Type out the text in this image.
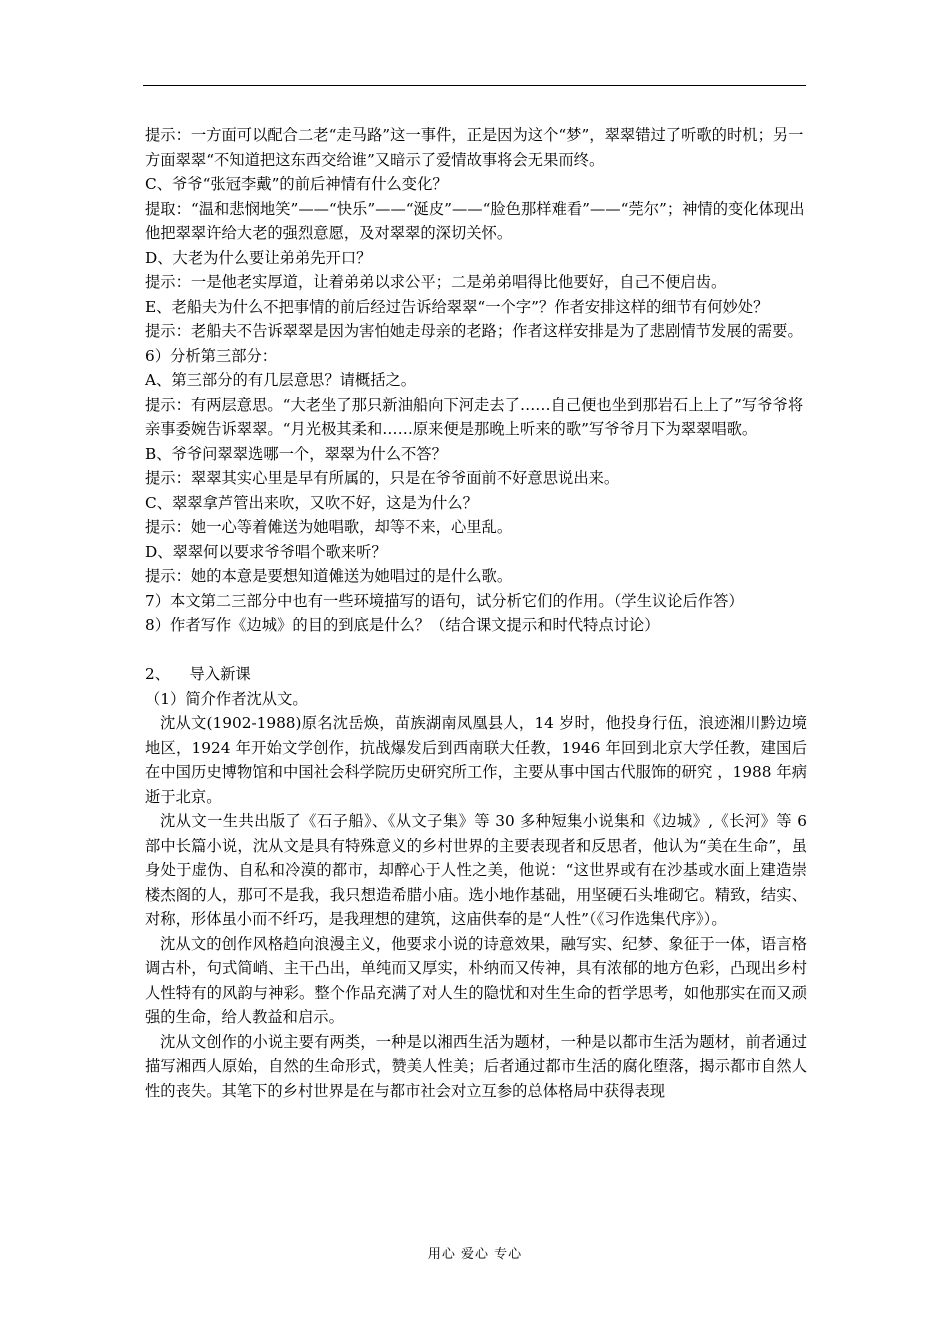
提示：一方面可以配合二老“走马路”这一事件，正是因为这个“梦”，翠翠错过了听歌的时机；另一方面翠翠“不知道把这东西交给谁”又暗示了爱情故事将会无果而终。

C、爷爷“张冠李戴”的前后神情有什么变化？

提取：“温和悲悯地笑”——“快乐”——“涎皮”——“脸色那样难看”——“莞尔”；神情的变化体现出他把翠翠许给大老的强烈意愿，及对翠翠的深切关怀。

D、大老为什么要让弟弟先开口？

提示：一是他老实厚道，让着弟弟以求公平；二是弟弟唱得比他要好，自己不便启齿。

E、老船夫为什么不把事情的前后经过告诉给翠翠“一个字”？作者安排这样的细节有何妙处？

提示：老船夫不告诉翠翠是因为害怕她走母亲的老路；作者这样安排是为了悲剧情节发展的需要。

6）分析第三部分：

A、第三部分的有几层意思？请概括之。

提示：有两层意思。“大老坐了那只新油船向下河走去了……自己便也坐到那岩石上上了”写爷爷将亲事委婉告诉翠翠。“月光极其柔和……原来便是那晚上听来的歌”写爷爷月下为翠翠唱歌。

B、爷爷问翠翠选哪一个，翠翠为什么不答？

提示：翠翠其实心里是早有所属的，只是在爷爷面前不好意思说出来。

C、翠翠拿芦管出来吹，又吹不好，这是为什么？

提示：她一心等着傩送为她唱歌，却等不来，心里乱。

D、翠翠何以要求爷爷唱个歌来听？

提示：她的本意是要想知道傩送为她唱过的是什么歌。

7）本文第二三部分中也有一些环境描写的语句，试分析它们的作用。（学生议论后作答）

8）作者写作《边城》的目的到底是什么？（结合课文提示和时代特点讨论）

2、    导入新课

（1）简介作者沈从文。

沈从文(1902-1988)原名沈岳焕，苗族湖南凤凰县人，14 岁时，他投身行伍，浪迹湘川黔边境地区，1924 年开始文学创作，抗战爆发后到西南联大任教，1946 年回到北京大学任教，建国后在中国历史博物馆和中国社会科学院历史研究所工作，主要从事中国古代服饰的研究 ，1988 年病逝于北京。

沈从文一生共出版了《石子船》、《从文子集》等 30 多种短集小说集和《边城》,《长河》等 6 部中长篇小说，沈从文是具有特殊意义的乡村世界的主要表现者和反思者，他认为“美在生命”，虽身处于虚伪、自私和冷漠的都市，却醉心于人性之美，他说：“这世界或有在沙基或水面上建造崇楼杰阁的人，那可不是我，我只想造希腊小庙。选小地作基础，用坚硬石头堆砌它。精致，结实、对称，形体虽小而不纤巧，是我理想的建筑，这庙供奉的是“人性”（《习作选集代序》）。

沈从文的创作风格趋向浪漫主义，他要求小说的诗意效果，融写实、纪梦、象征于一体，语言格调古朴，句式简峭、主干凸出，单纯而又厚实，朴纳而又传神，具有浓郁的地方色彩，凸现出乡村人性特有的风韵与神彩。整个作品充满了对人生的隐忧和对生生命的哲学思考，如他那实在而又顽强的生命，给人教益和启示。

沈从文创作的小说主要有两类，一种是以湘西生活为题材，一种是以都市生活为题材，前者通过描写湘西人原始，自然的生命形式，赞美人性美；后者通过都市生活的腐化堕落，揭示都市自然人性的丧失。其笔下的乡村世界是在与都市社会对立互参的总体格局中获得表现

用心 爱心 专心
